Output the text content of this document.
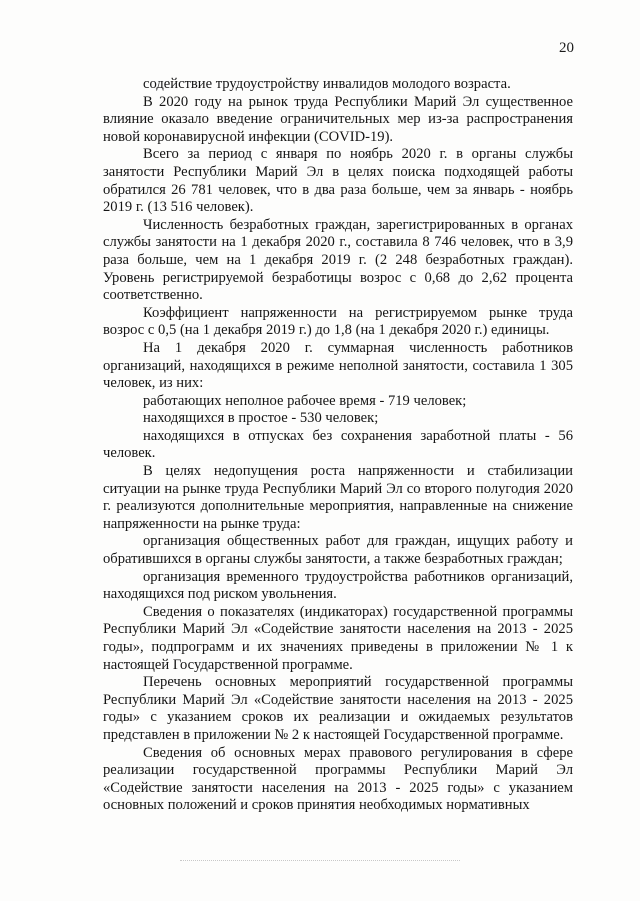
20

содействие трудоустройству инвалидов молодого возраста.

В 2020 году на рынок труда Республики Марий Эл существенное влияние оказало введение ограничительных мер из-за распространения новой коронавирусной инфекции (COVID-19).

Всего за период с января по ноябрь 2020 г. в органы службы занятости Республики Марий Эл в целях поиска подходящей работы обратился 26 781 человек, что в два раза больше, чем за январь - ноябрь 2019 г. (13 516 человек).

Численность безработных граждан, зарегистрированных в органах службы занятости на 1 декабря 2020 г., составила 8 746 человек, что в 3,9 раза больше, чем на 1 декабря 2019 г. (2 248 безработных граждан). Уровень регистрируемой безработицы возрос с 0,68 до 2,62 процента соответственно.

Коэффициент напряженности на регистрируемом рынке труда возрос с 0,5 (на 1 декабря 2019 г.) до 1,8 (на 1 декабря 2020 г.) единицы.

На 1 декабря 2020 г. суммарная численность работников организаций, находящихся в режиме неполной занятости, составила 1 305 человек, из них:

работающих неполное рабочее время - 719 человек;

находящихся в простое - 530 человек;

находящихся в отпусках без сохранения заработной платы - 56 человек.

В целях недопущения роста напряженности и стабилизации ситуации на рынке труда Республики Марий Эл со второго полугодия 2020 г. реализуются дополнительные мероприятия, направленные на снижение напряженности на рынке труда:

организация общественных работ для граждан, ищущих работу и обратившихся в органы службы занятости, а также безработных граждан;

организация временного трудоустройства работников организаций, находящихся под риском увольнения.

Сведения о показателях (индикаторах) государственной программы Республики Марий Эл «Содействие занятости населения на 2013 - 2025 годы», подпрограмм и их значениях приведены в приложении № 1 к настоящей Государственной программе.

Перечень основных мероприятий государственной программы Республики Марий Эл «Содействие занятости населения на 2013 - 2025 годы» с указанием сроков их реализации и ожидаемых результатов представлен в приложении № 2 к настоящей Государственной программе.

Сведения об основных мерах правового регулирования в сфере реализации государственной программы Республики Марий Эл «Содействие занятости населения на 2013 - 2025 годы» с указанием основных положений и сроков принятия необходимых нормативных
